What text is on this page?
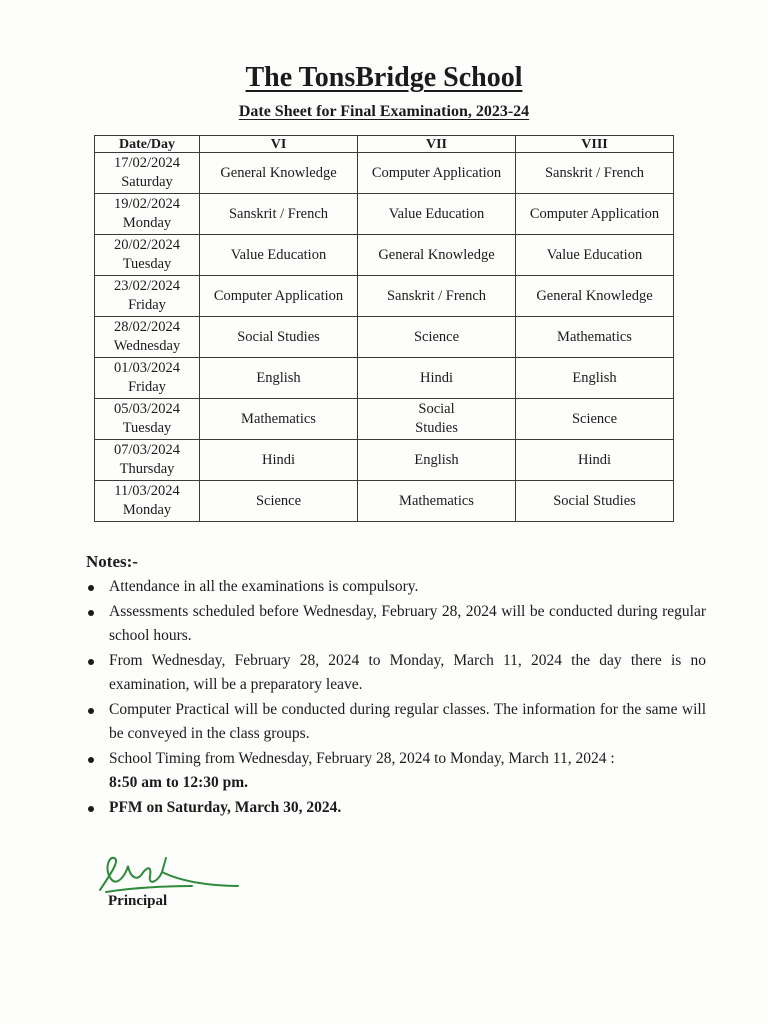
The TonsBridge School
Date Sheet for Final Examination, 2023-24
Date/Day	VI	VII	VIII

17/02/2024
Saturday	General Knowledge	Computer Application	Sanskrit / French

19/02/2024
Monday	Sanskrit / French	Value Education	Computer Application

20/02/2024
Tuesday	Value Education	General Knowledge	Value Education

23/02/2024
Friday	Computer Application	Sanskrit / French	General Knowledge

28/02/2024
Wednesday	Social Studies	Science	Mathematics

01/03/2024
Friday	English	Hindi	English

05/03/2024
Tuesday	Mathematics	Social Studies	Science

07/03/2024
Thursday	Hindi	English	Hindi

11/03/2024
Monday	Science	Mathematics	Social Studies
Notes:-
Attendance in all the examinations is compulsory.
Assessments scheduled before Wednesday, February 28, 2024 will be conducted during regular school hours.
From Wednesday, February 28, 2024 to Monday, March 11, 2024 the day there is no examination, will be a preparatory leave.
Computer Practical will be conducted during regular classes. The information for the same will be conveyed in the class groups.
School Timing from Wednesday, February 28, 2024 to Monday, March 11, 2024 :
8:50 am to 12:30 pm.
PFM on Saturday, March 30, 2024.
Principal
